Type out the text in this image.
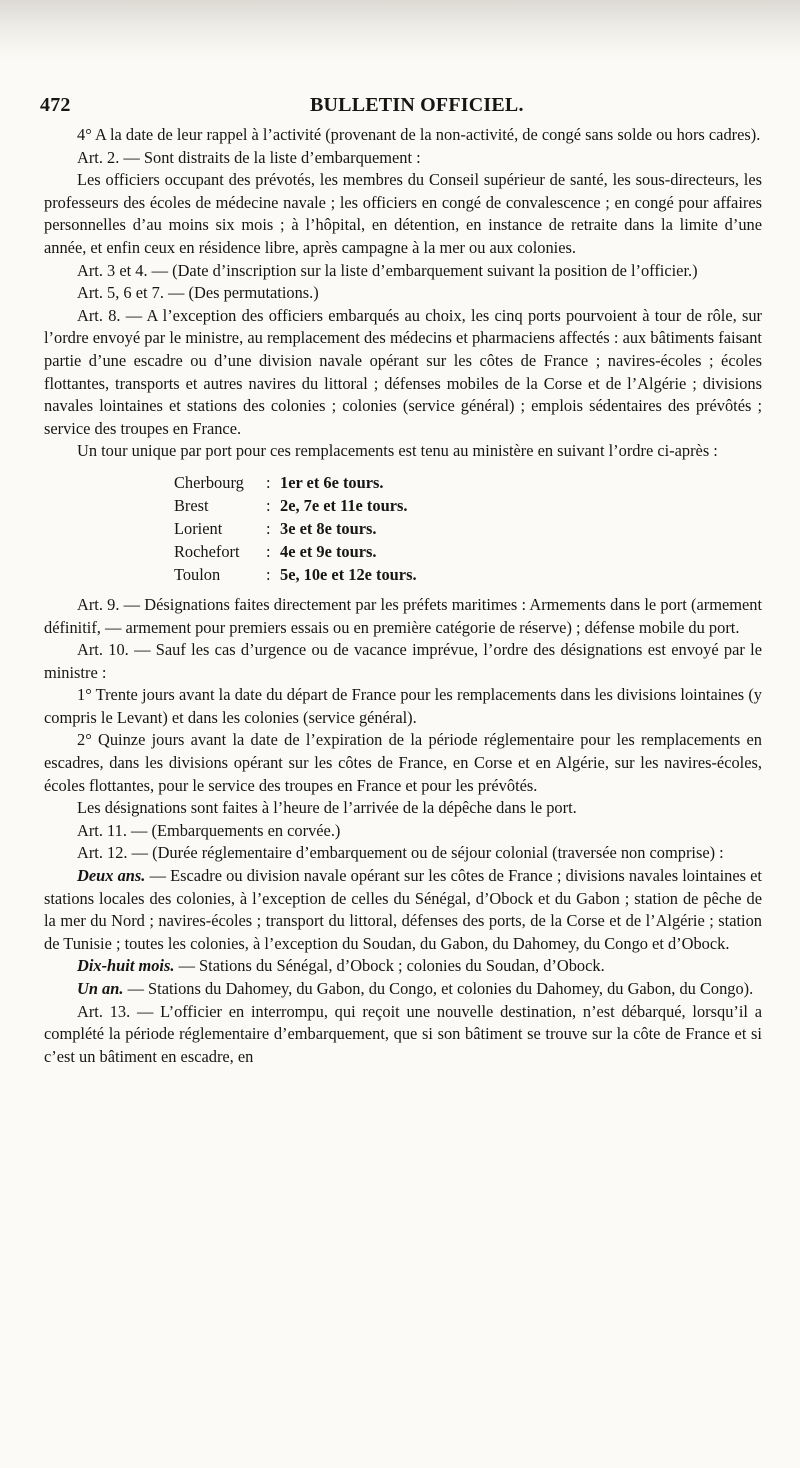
472	BULLETIN OFFICIEL.

4° A la date de leur rappel à l’activité (provenant de la non-activité, de congé sans solde ou hors cadres).

Art. 2. — Sont distraits de la liste d’embarquement :

Les officiers occupant des prévotés, les membres du Conseil supérieur de santé, les sous-directeurs, les professeurs des écoles de médecine navale ; les officiers en congé de convalescence ; en congé pour affaires personnelles d’au moins six mois ; à l’hôpital, en détention, en instance de retraite dans la limite d’une année, et enfin ceux en résidence libre, après campagne à la mer ou aux colonies.

Art. 3 et 4. — (Date d’inscription sur la liste d’embarquement suivant la position de l’officier.)

Art. 5, 6 et 7. — (Des permutations.)

Art. 8. — A l’exception des officiers embarqués au choix, les cinq ports pourvoient à tour de rôle, sur l’ordre envoyé par le ministre, au remplacement des médecins et pharmaciens affectés : aux bâtiments faisant partie d’une escadre ou d’une division navale opérant sur les côtes de France ; navires-écoles ; écoles flottantes, transports et autres navires du littoral ; défenses mobiles de la Corse et de l’Algérie ; divisions navales lointaines et stations des colonies ; colonies (service général) ; emplois sédentaires des prévôtés ; service des troupes en France.

Un tour unique par port pour ces remplacements est tenu au ministère en suivant l’ordre ci-après :

Cherbourg	: 1er et 6e tours.
Brest	: 2e, 7e et 11e tours.
Lorient	: 3e et 8e tours.
Rochefort	: 4e et 9e tours.
Toulon	: 5e, 10e et 12e tours.

Art. 9. — Désignations faites directement par les préfets maritimes : Armements dans le port (armement définitif, — armement pour premiers essais ou en première catégorie de réserve) ; défense mobile du port.

Art. 10. — Sauf les cas d’urgence ou de vacance imprévue, l’ordre des désignations est envoyé par le ministre :

1° Trente jours avant la date du départ de France pour les remplacements dans les divisions lointaines (y compris le Levant) et dans les colonies (service général).

2° Quinze jours avant la date de l’expiration de la période réglementaire pour les remplacements en escadres, dans les divisions opérant sur les côtes de France, en Corse et en Algérie, sur les navires-écoles, écoles flottantes, pour le service des troupes en France et pour les prévôtés.

Les désignations sont faites à l’heure de l’arrivée de la dépêche dans le port.

Art. 11. — (Embarquements en corvée.)

Art. 12. — (Durée réglementaire d’embarquement ou de séjour colonial (traversée non comprise) :

Deux ans. — Escadre ou division navale opérant sur les côtes de France ; divisions navales lointaines et stations locales des colonies, à l’exception de celles du Sénégal, d’Obock et du Gabon ; station de pêche de la mer du Nord ; navires-écoles ; transport du littoral, défenses des ports, de la Corse et de l’Algérie ; station de Tunisie ; toutes les colonies, à l’exception du Soudan, du Gabon, du Dahomey, du Congo et d’Obock.

Dix-huit mois. — Stations du Sénégal, d’Obock ; colonies du Soudan, d’Obock.

Un an. — Stations du Dahomey, du Gabon, du Congo, et colonies du Dahomey, du Gabon, du Congo).

Art. 13. — L’officier en interrompu, qui reçoit une nouvelle destination, n’est débarqué, lorsqu’il a complété la période réglementaire d’embarquement, que si son bâtiment se trouve sur la côte de France et si c’est un bâtiment en escadre, en
